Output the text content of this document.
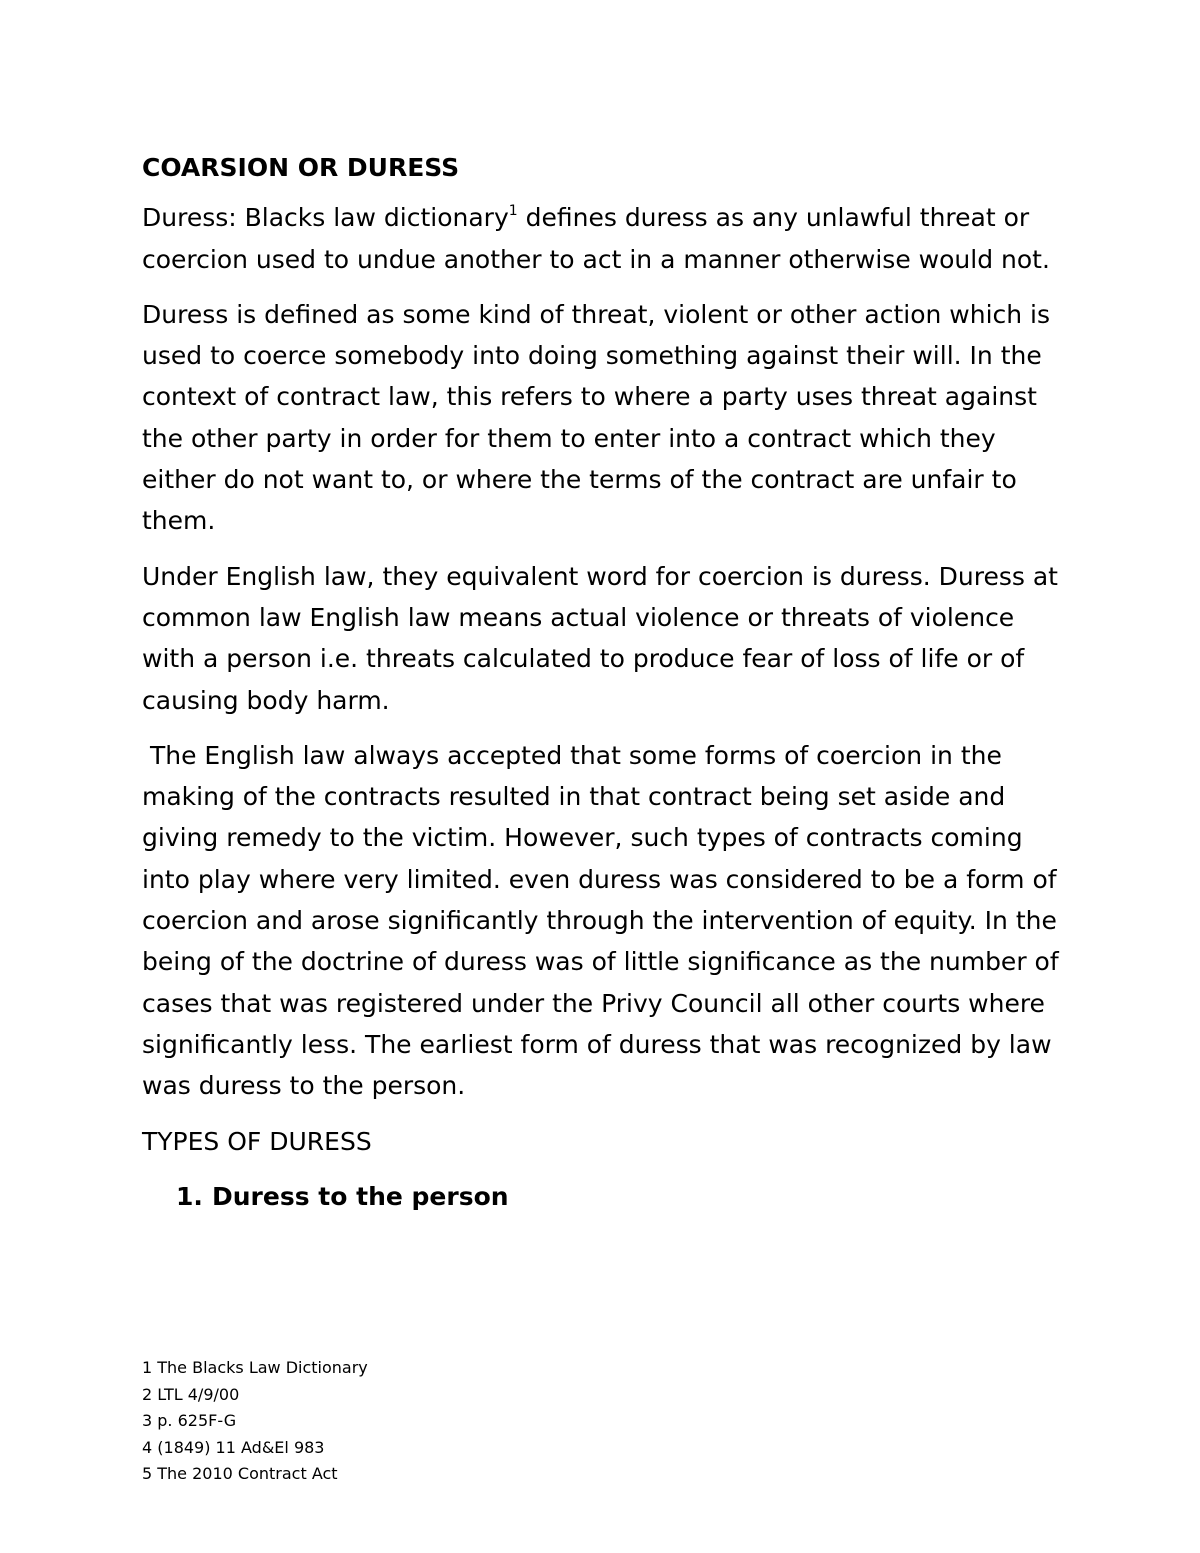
COARSION OR DURESS

Duress: Blacks law dictionary$^1$ defines duress as any unlawful threat or coercion used to undue another to act in a manner otherwise would not.

Duress is defined as some kind of threat, violent or other action which is used to coerce somebody into doing something against their will. In the context of contract law, this refers to where a party uses threat against the other party in order for them to enter into a contract which they either do not want to, or where the terms of the contract are unfair to them.

Under English law, they equivalent word for coercion is duress. Duress at common law English law means actual violence or threats of violence with a person i.e. threats calculated to produce fear of loss of life or of causing body harm.

The English law always accepted that some forms of coercion in the making of the contracts resulted in that contract being set aside and giving remedy to the victim. However, such types of contracts coming into play where very limited. even duress was considered to be a form of coercion and arose significantly through the intervention of equity. In the being of the doctrine of duress was of little significance as the number of cases that was registered under the Privy Council all other courts where significantly less. The earliest form of duress that was recognized by law was duress to the person.

TYPES OF DURESS

1. Duress to the person

1 The Blacks Law Dictionary

2 LTL 4/9/00

3 p. 625F-G

4 (1849) 11 Ad&El 983

5 The 2010 Contract Act
